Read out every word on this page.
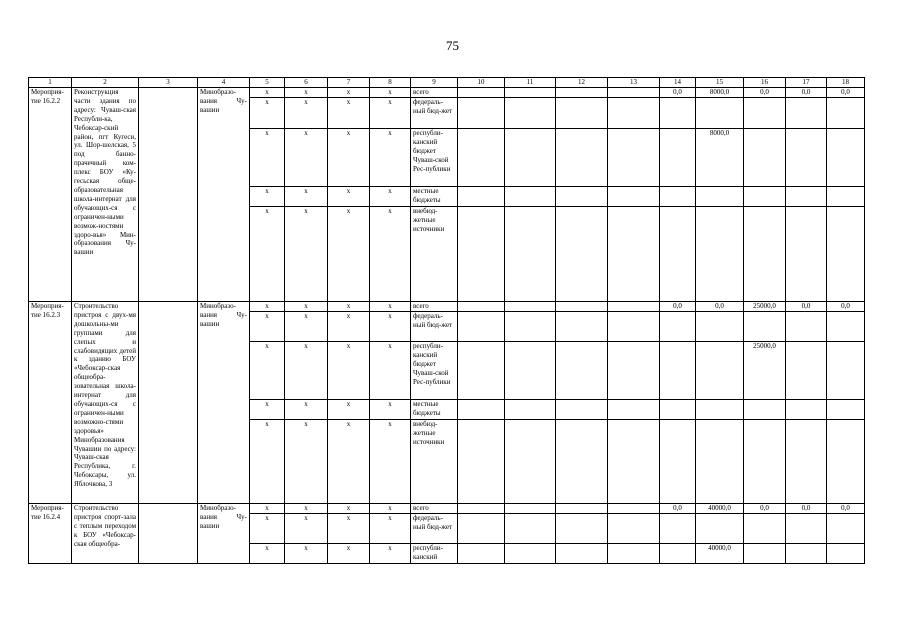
75
1	2	3	4	5	6	7	8	9	10	11	12	13	14	15	16	17	18
Мероприя-тие 16.2.2	Реконструкция части здания по адресу: Чуваш-ская Республи-ка, Чебоксар-ский район, пгт Кугеси, ул. Шор-шелская, 5 под банно-прачечный ком-плекс БОУ «Ку-гесьская обще-образовательная школа-интернат для обучающих-ся с ограничен-ными возмож-ностями здоро-вья» Мин-образования Чу-вашии		Минобразо-вания Чу-вашии	x	x	x	x	всего					0,0	8000,0	0,0	0,0	0,0
				x	x	x	x	федераль-ный бюд-жет									
				x	x	x	x	республи-канский бюджет Чуваш-ской Рес-публики						8000,0			
				x	x	x	x	местные бюджеты									
				x	x	x	x	внебюд-жетные источники									
Мероприя-тие 16.2.3	Строительство пристроя с двух-мя дошкольны-ми группами для слепых и слабовидящих детей к зданию БОУ «Чебоксар-ская общеобра-зовательная школа-интернат для обучающих-ся с ограничен-ными возможно-стями здоровья» Минобразования Чувашии по адресу: Чуваш-ская Республика, г. Чебоксары, ул. Яблочкова, 3		Минобразо-вания Чу-вашии	x	x	x	x	всего					0,0	0,0	25000,0	0,0	0,0
				x	x	x	x	федераль-ный бюд-жет									
				x	x	x	x	республи-канский бюджет Чуваш-ской Рес-публики							25000,0		
				x	x	x	x	местные бюджеты									
				x	x	x	x	внебюд-жетные источники									
Мероприя-тие 16.2.4	Строительство пристроя спорт-зала с теплым переходом к БОУ «Чебоксар-ская общеобра-		Минобразо-вания Чу-вашии	x	x	x	x	всего					0,0	40000,0	0,0	0,0	0,0
				x	x	x	x	федераль-ный бюд-жет									
				x	x	x	x	республи-канский						40000,0			
